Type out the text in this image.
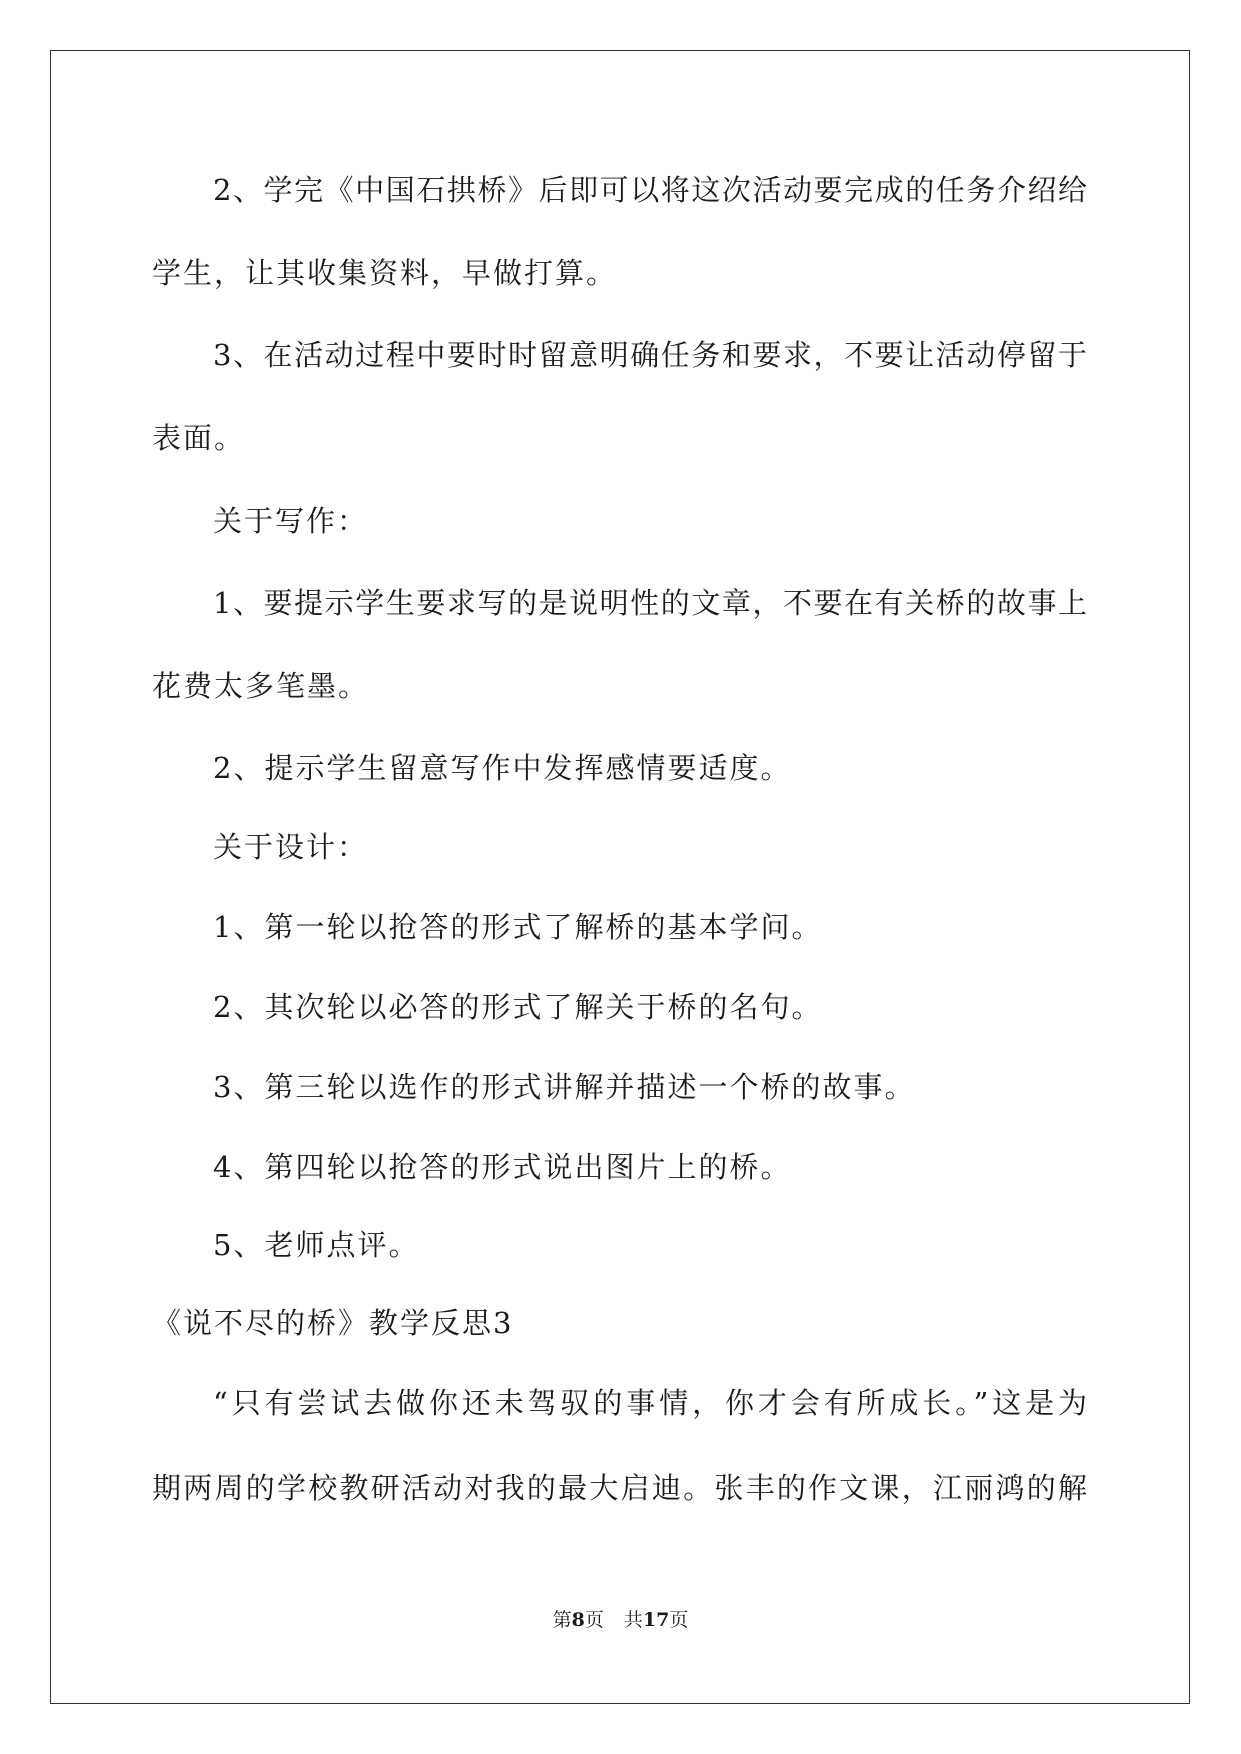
2、学完《中国石拱桥》后即可以将这次活动要完成的任务介绍给
学生，让其收集资料，早做打算。
3、在活动过程中要时时留意明确任务和要求，不要让活动停留于
表面。
关于写作：
1、要提示学生要求写的是说明性的文章，不要在有关桥的故事上
花费太多笔墨。
2、提示学生留意写作中发挥感情要适度。
关于设计：
1、第一轮以抢答的形式了解桥的基本学问。
2、其次轮以必答的形式了解关于桥的名句。
3、第三轮以选作的形式讲解并描述一个桥的故事。
4、第四轮以抢答的形式说出图片上的桥。
5、老师点评。
《说不尽的桥》教学反思3
“只有尝试去做你还未驾驭的事情，你才会有所成长。”这是为
期两周的学校教研活动对我的最大启迪。张丰的作文课，江丽鸿的解
第8页 共17页
